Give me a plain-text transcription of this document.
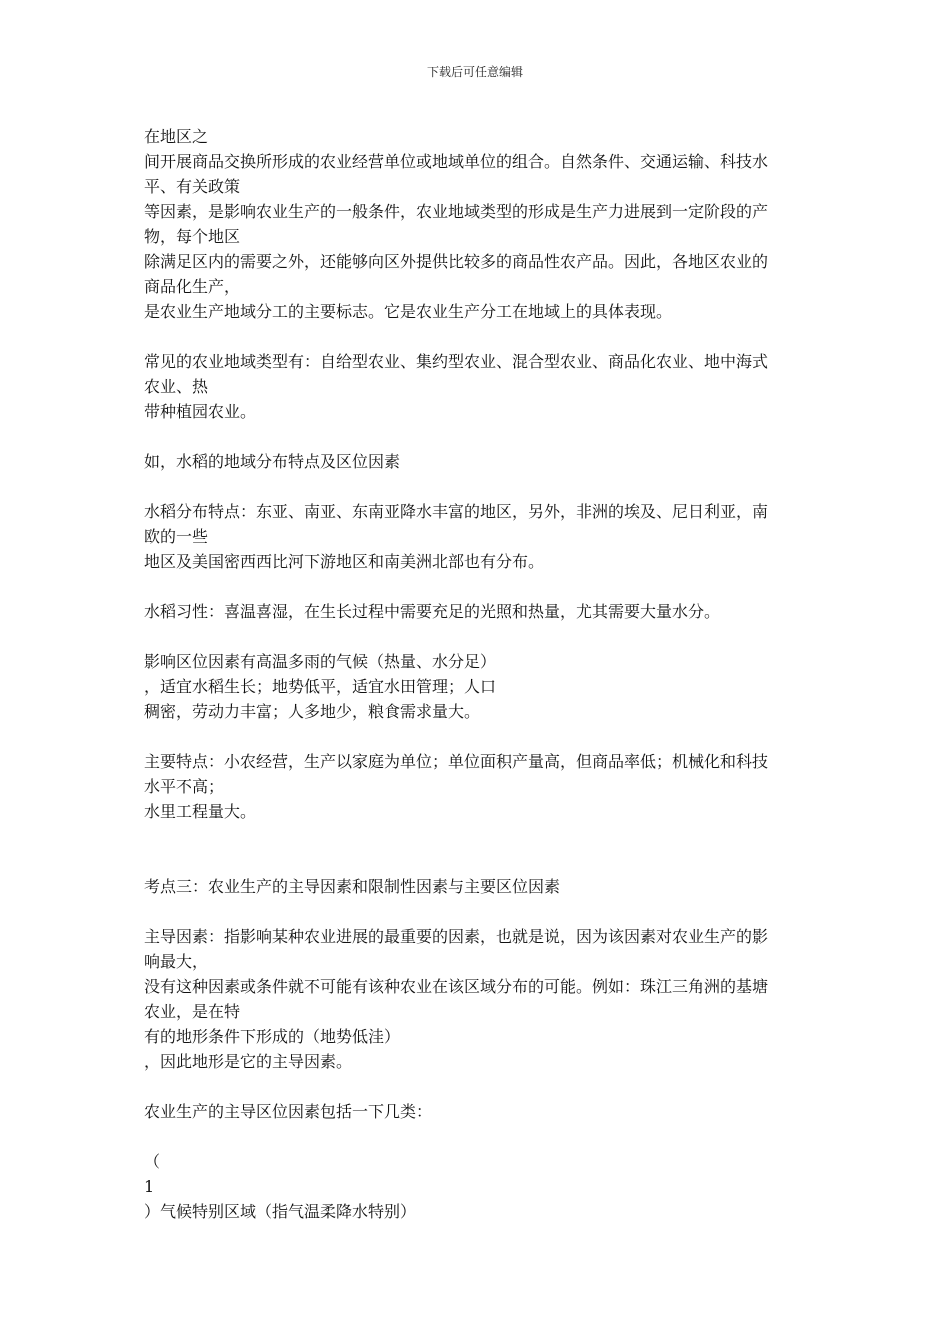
下载后可任意编辑
在地区之
间开展商品交换所形成的农业经营单位或地域单位的组合。自然条件、交通运输、科技水
平、有关政策
等因素，是影响农业生产的一般条件，农业地域类型的形成是生产力进展到一定阶段的产
物，每个地区
除满足区内的需要之外，还能够向区外提供比较多的商品性农产品。因此，各地区农业的
商品化生产，
是农业生产地域分工的主要标志。它是农业生产分工在地域上的具体表现。
常见的农业地域类型有：自给型农业、集约型农业、混合型农业、商品化农业、地中海式
农业、热
带种植园农业。
如，水稻的地域分布特点及区位因素
水稻分布特点：东亚、南亚、东南亚降水丰富的地区，另外，非洲的埃及、尼日利亚，南
欧的一些
地区及美国密西西比河下游地区和南美洲北部也有分布。
水稻习性：喜温喜湿，在生长过程中需要充足的光照和热量，尤其需要大量水分。
影响区位因素有高温多雨的气候（热量、水分足）
，适宜水稻生长；地势低平，适宜水田管理；人口
稠密，劳动力丰富；人多地少，粮食需求量大。
主要特点：小农经营，生产以家庭为单位；单位面积产量高，但商品率低；机械化和科技
水平不高；
水里工程量大。
考点三：农业生产的主导因素和限制性因素与主要区位因素
主导因素：指影响某种农业进展的最重要的因素，也就是说，因为该因素对农业生产的影
响最大，
没有这种因素或条件就不可能有该种农业在该区域分布的可能。例如：珠江三角洲的基塘
农业，是在特
有的地形条件下形成的（地势低洼）
，因此地形是它的主导因素。
农业生产的主导区位因素包括一下几类：
（
1
）气候特别区域（指气温柔降水特别）
